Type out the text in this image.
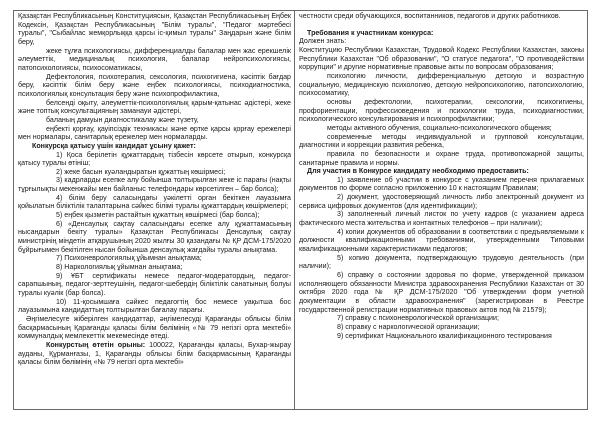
Қазақстан Республикасының Конституциясын, Қазақстан Республикасының Еңбек Кодексін, Қазақстан Республикасының "Білім туралы", "Педагог мәртебесі туралы", "Сыбайлас жемқорлыққа қарсы іс-қимыл туралы" Заңдарын және білім беру,

жеке тұлға психологиясы, дифференциалды балалар мен жас ерекшелік әлеуметтік, медициналық психология, балалар нейропсихологиясы, патопсихологиясы, психосоматикасы,

Дефектология, психотерапия, сексология, психогигиена, кәсіптік бағдар беру, кәсіптік білім беру және еңбек психологиясы, психодиагностика, психологиялық консультация беру және психопрофилактика,

белсенді оқыту, әлеуметтік-психологиялық қарым-қатынас әдістері, жеке және топтық консультацияның заманауи әдістері,

баланың дамуын диагностикалау және түзету,

еңбекті қорғау, қауіпсіздік техникасы және өртке қарсы қорғау ережелері мен нормалары, санитарлық ережелер мен нормаларды.

Конкурсқа қатысу үшін кандидат ұсыну қажет:

1) Қоса берілетін құжаттардың тізбесін көрсете отырып, конкурсқа қатысу туралы өтініш;

2) жеке басын куәландыратын құжаттың көшірмесі;

3) кадрларды есепке алу бойынша толтырылған жеке іс парағы (нақты тұрғылықты мекенжайы мен байланыс телефондары көрсетілген – бар болса);

4) білім беру саласындағы уәкілетті орган бекіткен лауазымға қойылатын біліктілік талаптарына сәйкес білімі туралы құжаттардың көшірмелері;

5) еңбек қызметін растайтын құжаттың көшірмесі (бар болса);

6) «Денсаулық сақтау саласындағы есепке алу құжаттамасының нысандарын бекіту туралы» Қазақстан Республикасы Денсаулық сақтау министрінің міндетін атқарушының 2020 жылғы 30 қазандағы № ҚР ДСМ-175/2020 бұйрығымен бекітілген нысан бойынша денсаулық жағдайы туралы анықтама.

7) Психоневрологиялық ұйымнан анықтама;

8) Наркологиялық ұйымнан анықтама;

9) ҰБТ сертификаты немесе педагог-модератордың, педагог-сарапшының, педагог-зерттеушінің, педагог-шебердің біліктілік санатының болуы туралы куәлік (бар болса).

10) 11-қосымшаға сәйкес педагогтің бос немесе уақытша бос лауазымына кандидаттың толтырылған бағалау парағы.

Әңгімелесуге жіберілген кандидаттар, әңгімелесуді Қарағанды облысы білім басқармасының Қарағанды қаласы білім бөлімінің «№ 79 негізгі орта мектебі» коммуналдық мемлекеттік мекемесінде өтеді.

Конкурстың өтетін орыны: 100022, Қарағанды қаласы, Бухар-жырау ауданы, Құрманғазы, 1, Қарағанды облысы білім басқармасының Қарағанды қаласы білім бөлімінің «№ 79 негізгі орта мектебі»

честности среди обучающихся, воспитанников, педагогов и других работников.

Требования к участникам конкурса:

Должен знать:

Конституцию Республики Казахстан, Трудовой Кодекс Республики Казахстан, законы Республики Казахстан "Об образовании", "О статусе педагога", "О противодействии коррупции" и другие нормативные правовые акты по вопросам образования;

психологию личности, дифференциальную детскую и возрастную социальную, медицинскую психологию, детскую нейропсихологию, патопсихологию, психосоматику,

основы дефектологии, психотерапии, сексологии, психогигиены, профориентации, профессиоведения и психологии труда, психодиагностики, психологического консультирования и психопрофилактики;

методы активного обучения, социально-психологического общения;

современные методы индивидуальной и групповой консультации, диагностики и коррекции развития ребенка,

правила по безопасности и охране труда, противопожарной защиты, санитарные правила и нормы.

Для участия в Конкурсе кандидату необходимо предоставить:

1) заявление об участии в конкурсе с указанием перечня прилагаемых документов по форме согласно приложению 10 к настоящим Правилам;

2) документ, удостоверяющий личность либо электронный документ из сервиса цифровых документов (для идентификации);

3) заполненный личный листок по учету кадров (с указанием адреса фактического места жительства и контактных телефонов – при наличии);

4) копии документов об образовании в соответствии с предъявляемыми к должности квалификационными требованиями, утвержденными Типовыми квалификационными характеристиками педагогов;

5) копию документа, подтверждающую трудовую деятельность (при наличии);

6) справку о состоянии здоровья по форме, утвержденной приказом исполняющего обязанности Министра здравоохранения Республики Казахстан от 30 октября 2020 года № ҚР ДСМ-175/2020 "Об утверждении форм учетной документации в области здравоохранения" (зарегистрирован в Реестре государственной регистрации нормативных правовых актов под № 21579);

7) справку с психоневрологической организации;

8) справку с наркологической организации;

9) сертификат Национального квалификационного тестирования
